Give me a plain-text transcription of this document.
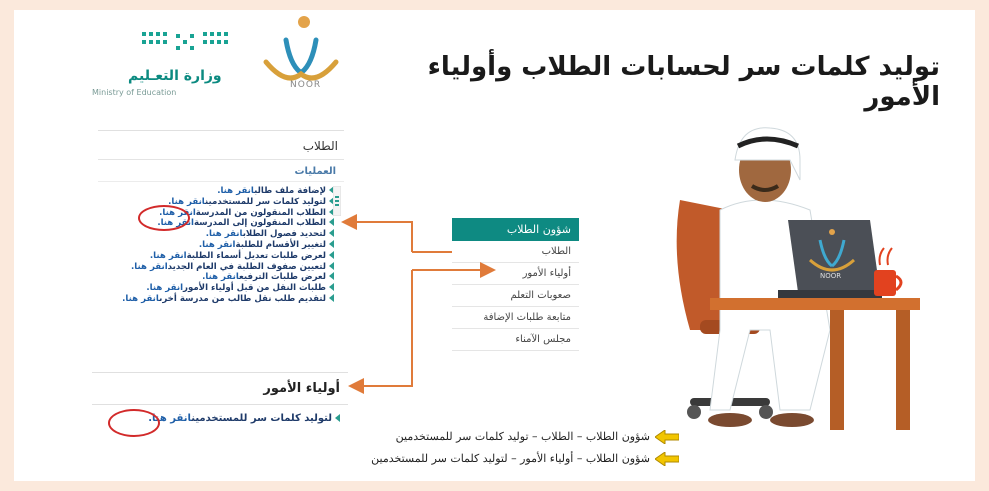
توليد كلمات سر لحسابات الطلاب وأولياء الأمور
NOOR
وزارة التعـليم
Ministry of Education
الطلاب
العمليات
لإضافة ملف طالبانقر هنا.
لتوليد كلمات سر للمستخدمينانقر هنا.
الطلاب المنقولون من المدرسةانقر هنا.
الطلاب المنقولون إلى المدرسةانقر هنا.
لتحديد فصول الطلابانقر هنا.
لتغيير الأقسام للطلبةانقر هنا.
لعرض طلبات تعديل أسماء الطلبةانقر هنا.
لتعيين صفوف الطلبة في العام الجديدانقر هنا.
لعرض طلبات الترفيعانقر هنا.
طلبات النقل من قبل أولياء الأمورانقر هنا.
لتقديم طلب نقل طالب من مدرسة أخرىانقر هنا.
شؤون الطلاب
الطلاب
أولياء الأمور
صعوبات التعلم
متابعة طلبات الإضافة
مجلس الآمناء
أولياء الأمور
لتوليد كلمات سر للمستخدمينانقر هنا.
NOOR
شؤون الطلاب – الطلاب – توليد كلمات سر للمستخدمين
شؤون الطلاب – أولياء الأمور – لتوليد كلمات سر للمستخدمين
